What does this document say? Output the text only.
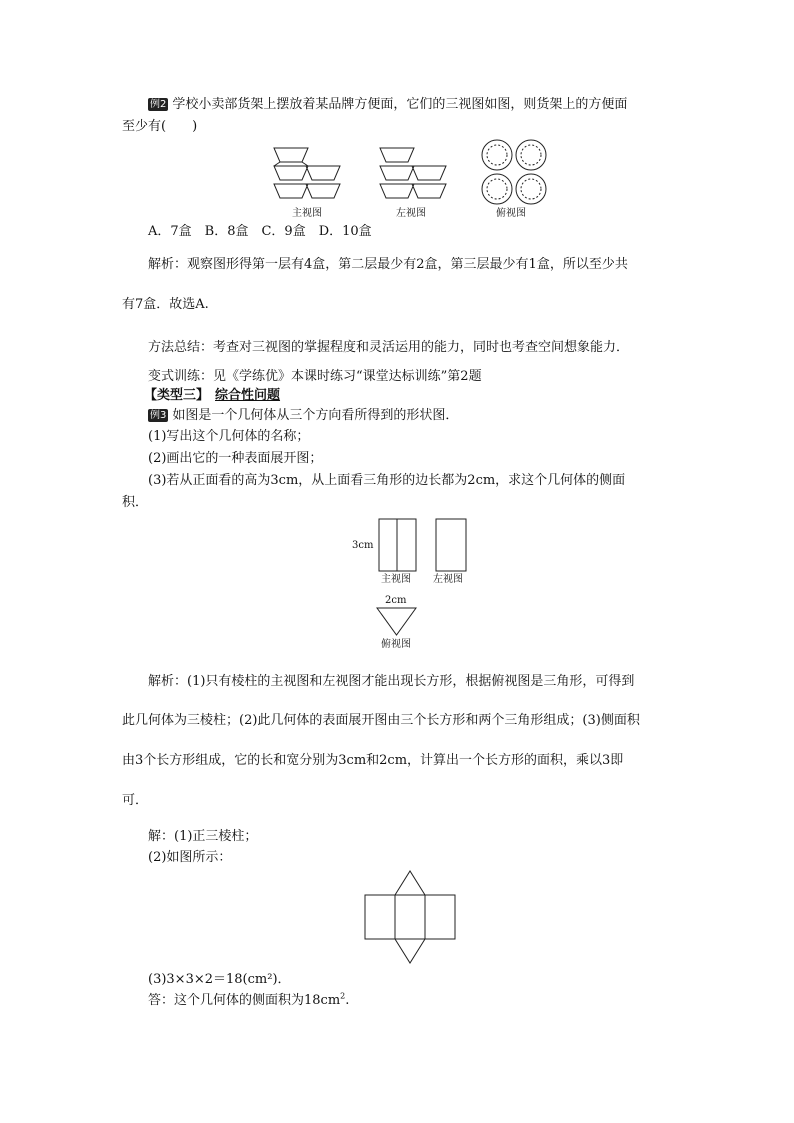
例2 学校小卖部货架上摆放着某品牌方便面，它们的三视图如图，则货架上的方便面
至少有(　　)
主视图	左视图	俯视图
A．7盒　B．8盒　C．9盒　D．10盒
解析：观察图形得第一层有4盒，第二层最少有2盒，第三层最少有1盒，所以至少共
有7盒．故选A.
方法总结：考查对三视图的掌握程度和灵活运用的能力，同时也考查空间想象能力．
变式训练：见《学练优》本课时练习“课堂达标训练”第2题
【类型三】 综合性问题
例3 如图是一个几何体从三个方向看所得到的形状图．
(1)写出这个几何体的名称；
(2)画出它的一种表面展开图；
(3)若从正面看的高为3cm，从上面看三角形的边长都为2cm，求这个几何体的侧面
积．
3cm
主视图 左视图
2cm
俯视图
解析：(1)只有棱柱的主视图和左视图才能出现长方形，根据俯视图是三角形，可得到
此几何体为三棱柱；(2)此几何体的表面展开图由三个长方形和两个三角形组成；(3)侧面积
由3个长方形组成，它的长和宽分别为3cm和2cm，计算出一个长方形的面积，乘以3即
可．
解：(1)正三棱柱；
(2)如图所示：
(3)3×3×2＝18(cm²)．
答：这个几何体的侧面积为$18cm^2$.
